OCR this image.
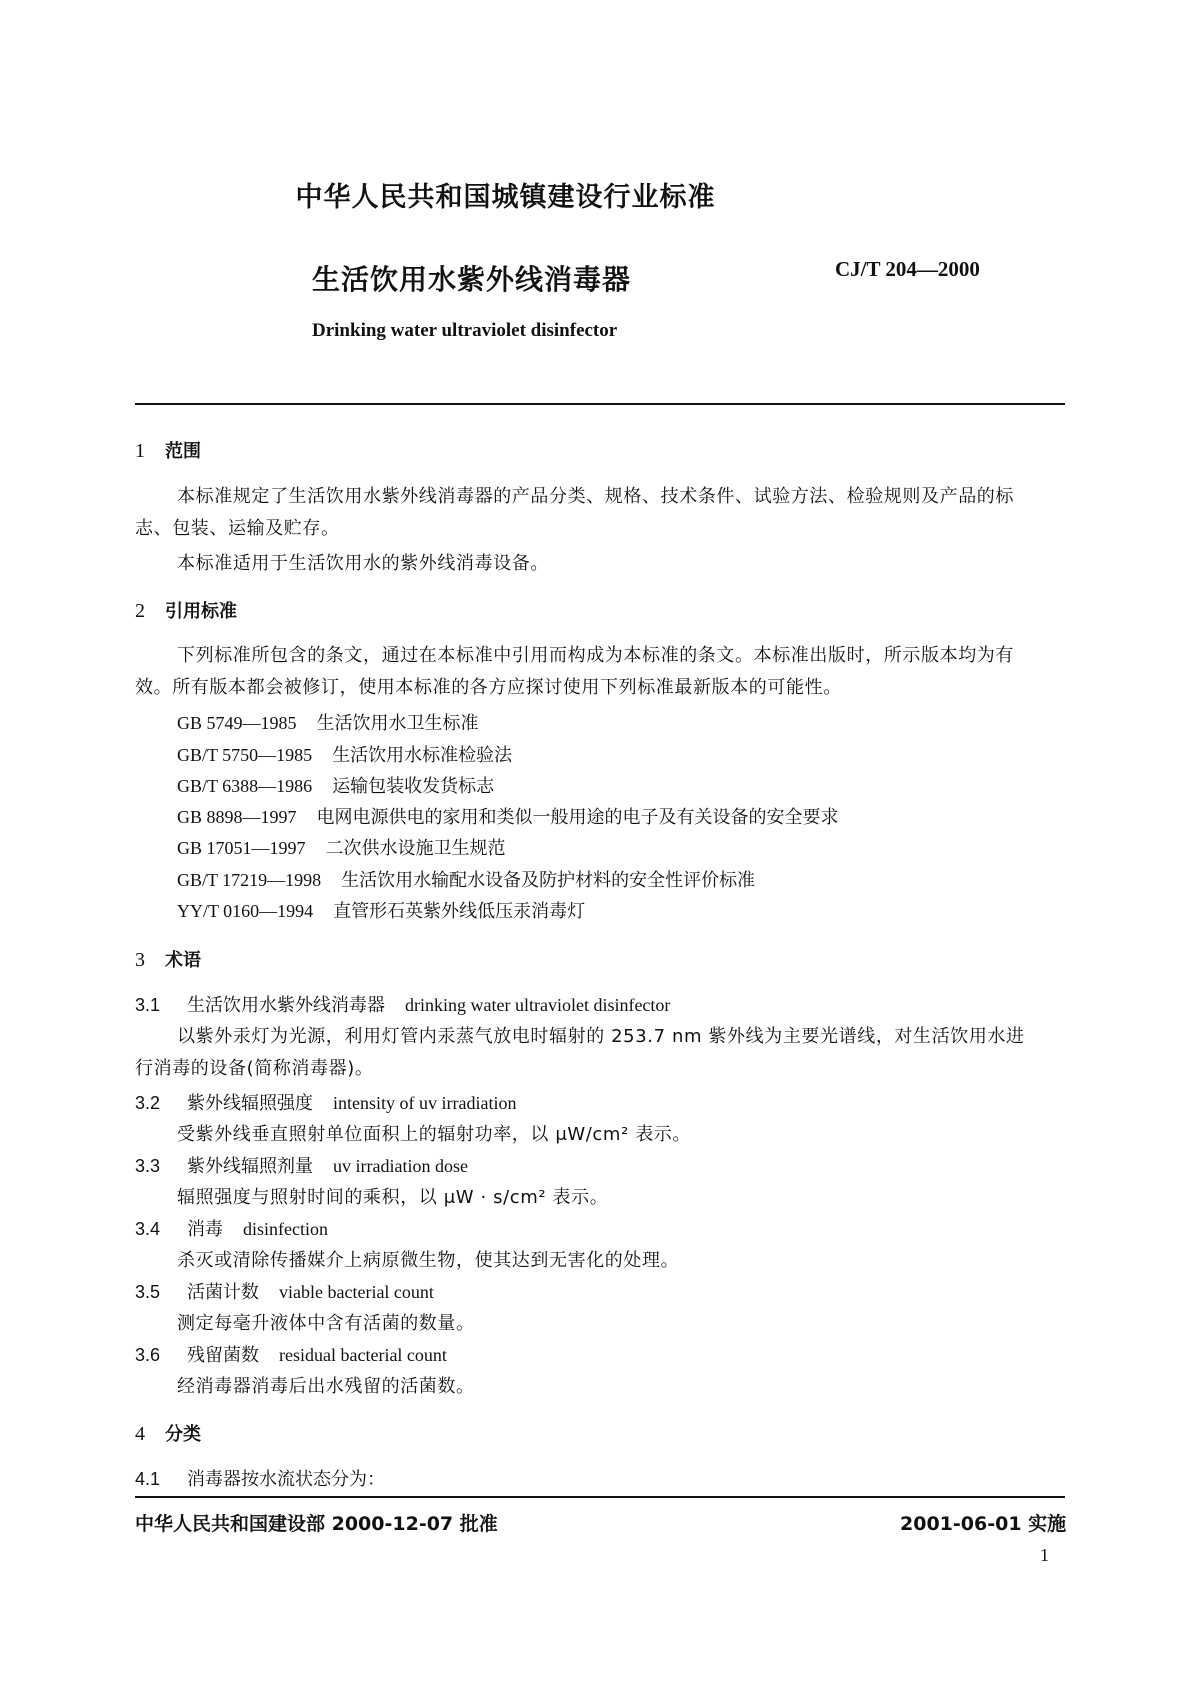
中华人民共和国城镇建设行业标准
生活饮用水紫外线消毒器	CJ/T 204—2000
Drinking water ultraviolet disinfector
1 范围
本标准规定了生活饮用水紫外线消毒器的产品分类、规格、技术条件、试验方法、检验规则及产品的标志、包装、运输及贮存。
本标准适用于生活饮用水的紫外线消毒设备。
2 引用标准
下列标准所包含的条文，通过在本标准中引用而构成为本标准的条文。本标准出版时，所示版本均为有效。所有版本都会被修订，使用本标准的各方应探讨使用下列标准最新版本的可能性。
GB 5749—1985 生活饮用水卫生标准
GB/T 5750—1985 生活饮用水标准检验法
GB/T 6388—1986 运输包装收发货标志
GB 8898—1997 电网电源供电的家用和类似一般用途的电子及有关设备的安全要求
GB 17051—1997 二次供水设施卫生规范
GB/T 17219—1998 生活饮用水输配水设备及防护材料的安全性评价标准
YY/T 0160—1994 直管形石英紫外线低压汞消毒灯
3 术语
3.1 生活饮用水紫外线消毒器 drinking water ultraviolet disinfector
以紫外汞灯为光源，利用灯管内汞蒸气放电时辐射的 253.7 nm 紫外线为主要光谱线，对生活饮用水进行消毒的设备(简称消毒器)。
3.2 紫外线辐照强度 intensity of uv irradiation
受紫外线垂直照射单位面积上的辐射功率，以 μW/cm² 表示。
3.3 紫外线辐照剂量 uv irradiation dose
辐照强度与照射时间的乘积，以 μW · s/cm² 表示。
3.4 消毒 disinfection
杀灭或清除传播媒介上病原微生物，使其达到无害化的处理。
3.5 活菌计数 viable bacterial count
测定每毫升液体中含有活菌的数量。
3.6 残留菌数 residual bacterial count
经消毒器消毒后出水残留的活菌数。
4 分类
4.1 消毒器按水流状态分为：
中华人民共和国建设部 2000-12-07 批准	2001-06-01 实施
1
